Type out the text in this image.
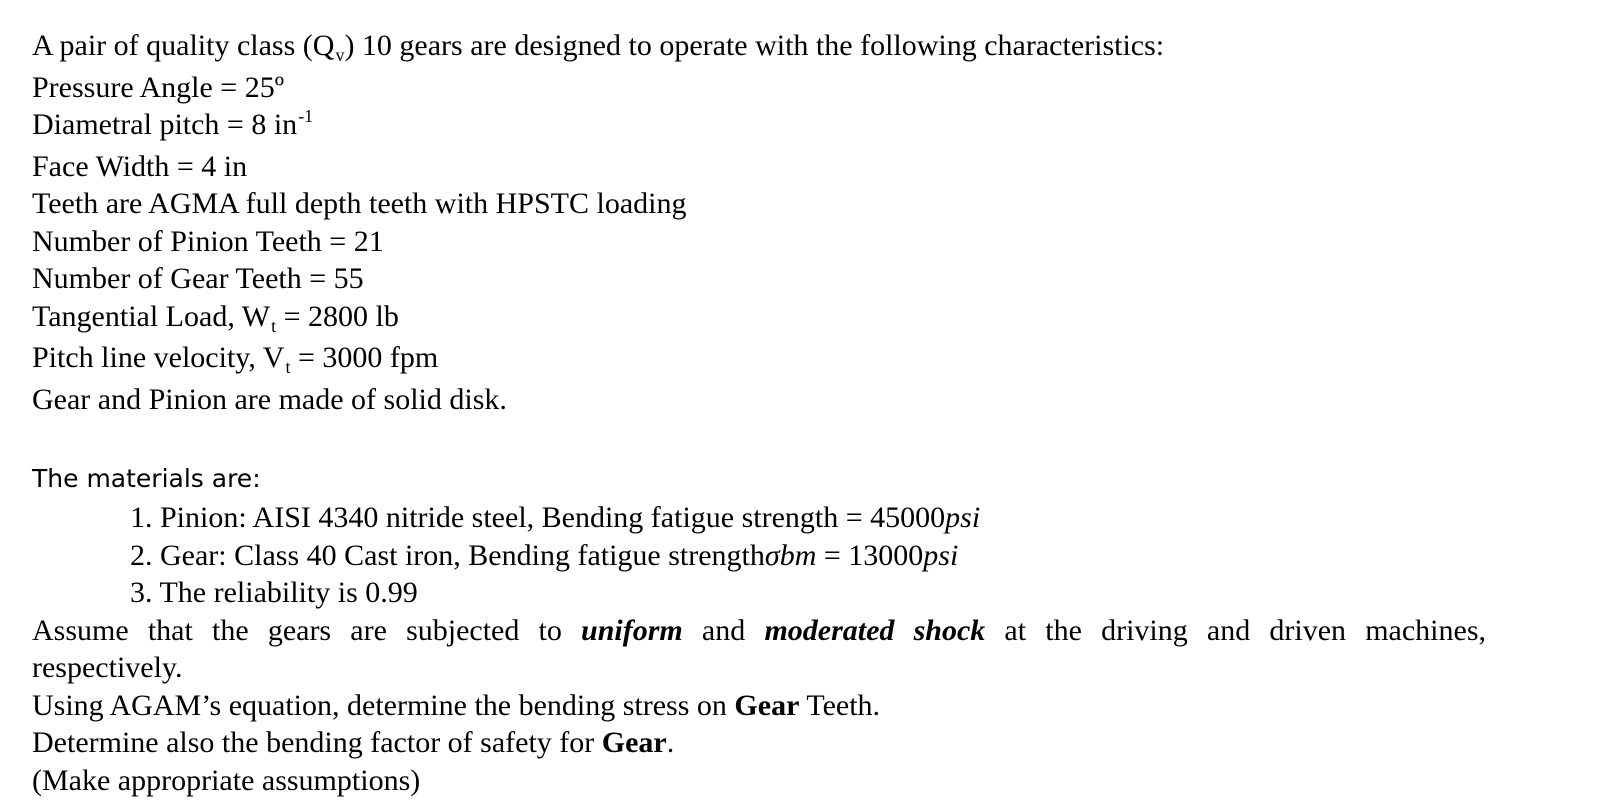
A pair of quality class $(Q_v)$ 10 gears are designed to operate with the following characteristics:
Pressure Angle = 25º
Diametral pitch = 8 $in^{-1}$
Face Width = 4 in
Teeth are AGMA full depth teeth with HPSTC loading
Number of Pinion Teeth = 21
Number of Gear Teeth = 55
Tangential Load, $W_t = 2800$ lb
Pitch line velocity, $V_t = 3000$ fpm
Gear and Pinion are made of solid disk.
The materials are:
1. Pinion: AISI 4340 nitride steel, Bending fatigue strength = 45000psi
2. Gear: Class 40 Cast iron, Bending fatigue strengthσbm = 13000psi
3. The reliability is 0.99
Assume that the gears are subjected to uniform and moderated shock at the driving and driven machines,
respectively.
Using AGAM’s equation, determine the bending stress on Gear Teeth.
Determine also the bending factor of safety for Gear.
(Make appropriate assumptions)
